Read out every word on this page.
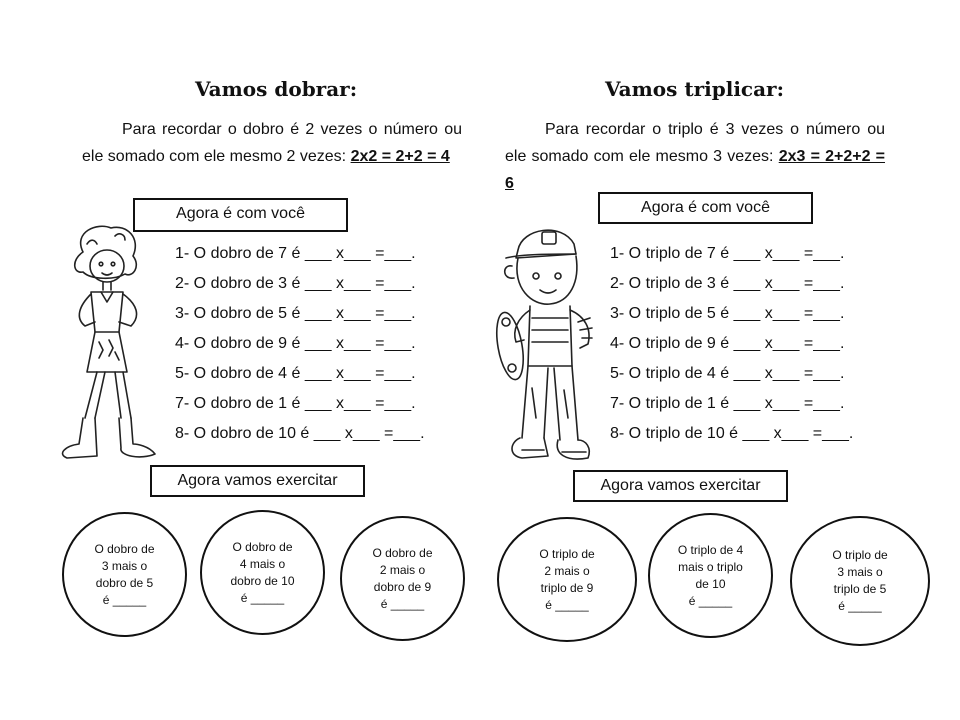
Vamos dobrar:
Para recordar o dobro é 2 vezes o número ou ele somado com ele mesmo 2 vezes: 2x2 = 2+2 = 4
Agora é com você
1- O dobro de 7 é ___ x___ =___.
2- O dobro de 3 é ___ x___ =___.
3- O dobro de 5 é ___ x___ =___.
4- O dobro de 9 é ___ x___ =___.
5- O dobro de 4 é ___ x___ =___.
7- O dobro de 1 é ___ x___ =___.
8- O dobro de 10 é ___ x___ =___.
Agora vamos exercitar
O dobro de
3 mais o
dobro de 5
é _____
O dobro de
4 mais o
dobro de 10
é _____
O dobro de
2 mais o
dobro de 9
é _____
Vamos triplicar:
Para recordar o triplo é 3 vezes o número ou ele somado com ele mesmo 3 vezes: 2x3 = 2+2+2 = 6
Agora é com você
1- O triplo de 7 é ___ x___ =___.
2- O triplo de 3 é ___ x___ =___.
3- O triplo de 5 é ___ x___ =___.
4- O triplo de 9 é ___ x___ =___.
5- O triplo de 4 é ___ x___ =___.
7- O triplo de 1 é ___ x___ =___.
8- O triplo de 10 é ___ x___ =___.
Agora vamos exercitar
O triplo de
2 mais o
triplo de 9
é _____
O triplo de 4
mais o triplo
de 10
é _____
O triplo de
3 mais o
triplo de 5
é _____
